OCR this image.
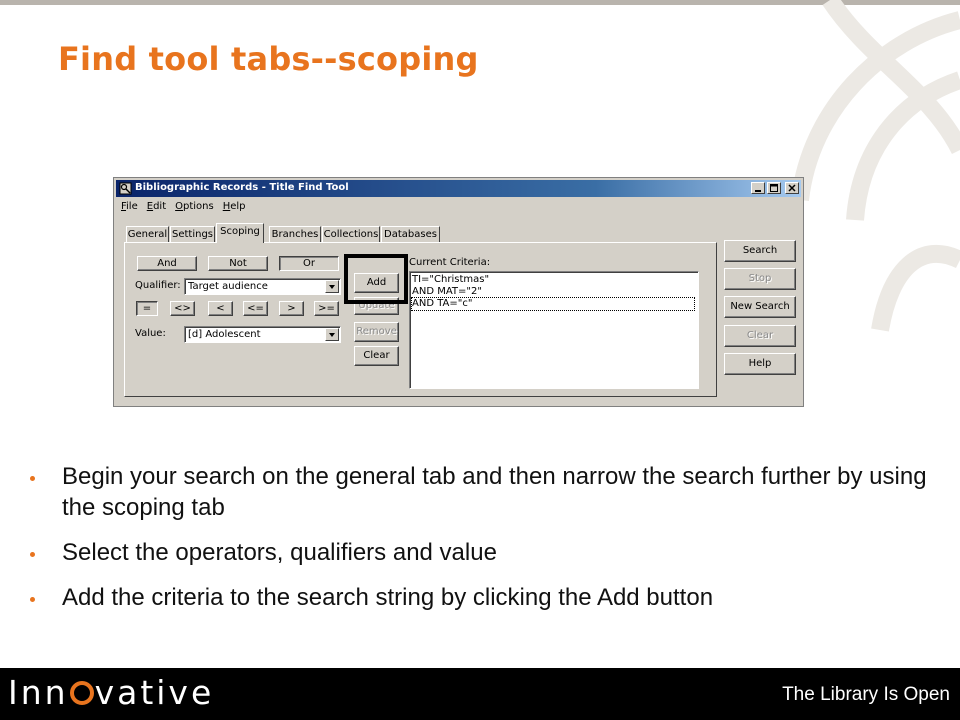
Find tool tabs--scoping
Bibliographic Records - Title Find Tool
File Edit Options Help
General Settings Scoping	Branches Collections Databases
And	Not	Or
Qualifier: Target audience
=	<>	<	<=	>	>=
Value: [d] Adolescent
Add
Update
Remove
Clear
Current Criteria:
TI="Christmas"
AND MAT="2"
AND TA="c"
Search
Stop
New Search
Clear
Help
Begin your search on the general tab and then narrow the search further by using the scoping tab
Select the operators, qualifiers and value
Add the criteria to the search string by clicking the Add button
Inn vative	The Library Is Open
